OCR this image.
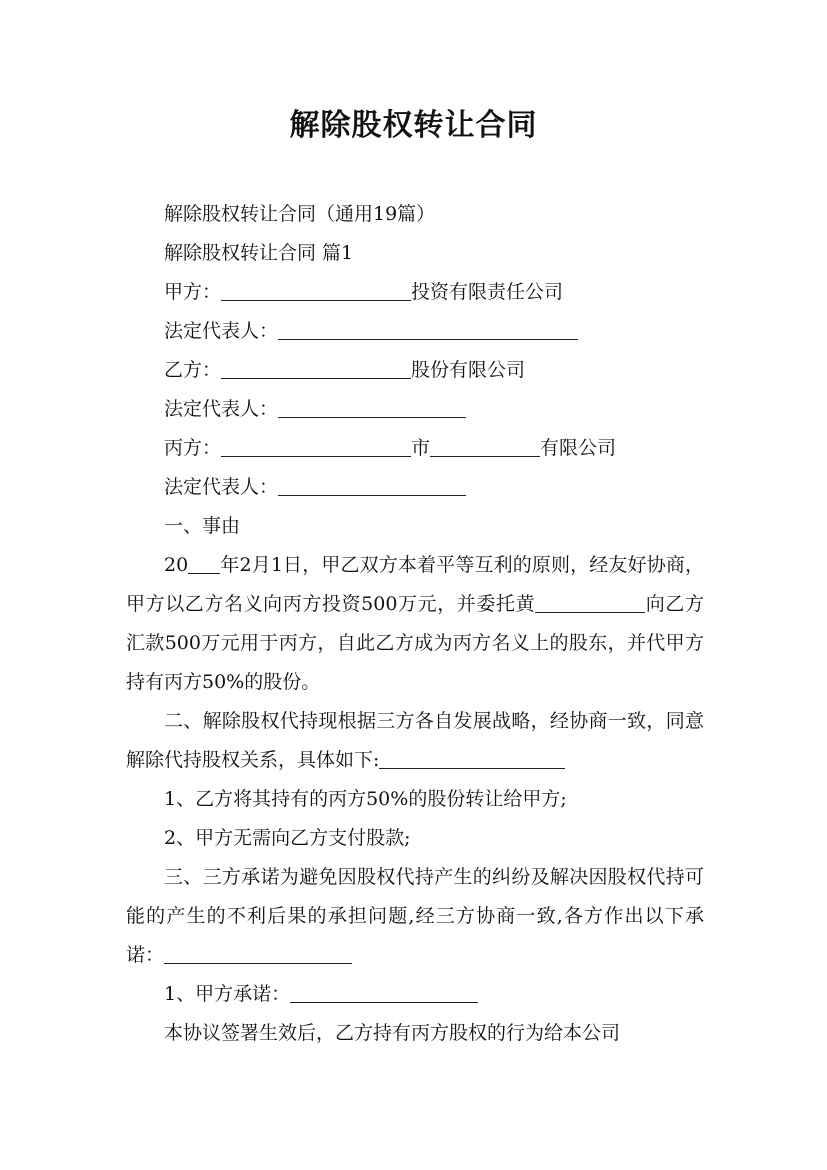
解除股权转让合同

解除股权转让合同（通用19篇）

解除股权转让合同 篇1

甲方：	投资有限责任公司

法定代表人：

乙方：	股份有限公司

法定代表人：

丙方：	市	有限公司

法定代表人：

一、事由

20 年2月1日，甲乙双方本着平等互利的原则，经友好协商，甲方以乙方名义向丙方投资500万元，并委托黄	向乙方汇款500万元用于丙方，自此乙方成为丙方名义上的股东，并代甲方持有丙方50%的股份。

二、解除股权代持现根据三方各自发展战略，经协商一致，同意解除代持股权关系，具体如下:

1、乙方将其持有的丙方50%的股份转让给甲方;

2、甲方无需向乙方支付股款;

三、三方承诺为避免因股权代持产生的纠纷及解决因股权代持可能的产生的不利后果的承担问题,经三方协商一致,各方作出以下承诺：

1、甲方承诺：

本协议签署生效后，乙方持有丙方股权的行为给本公司
